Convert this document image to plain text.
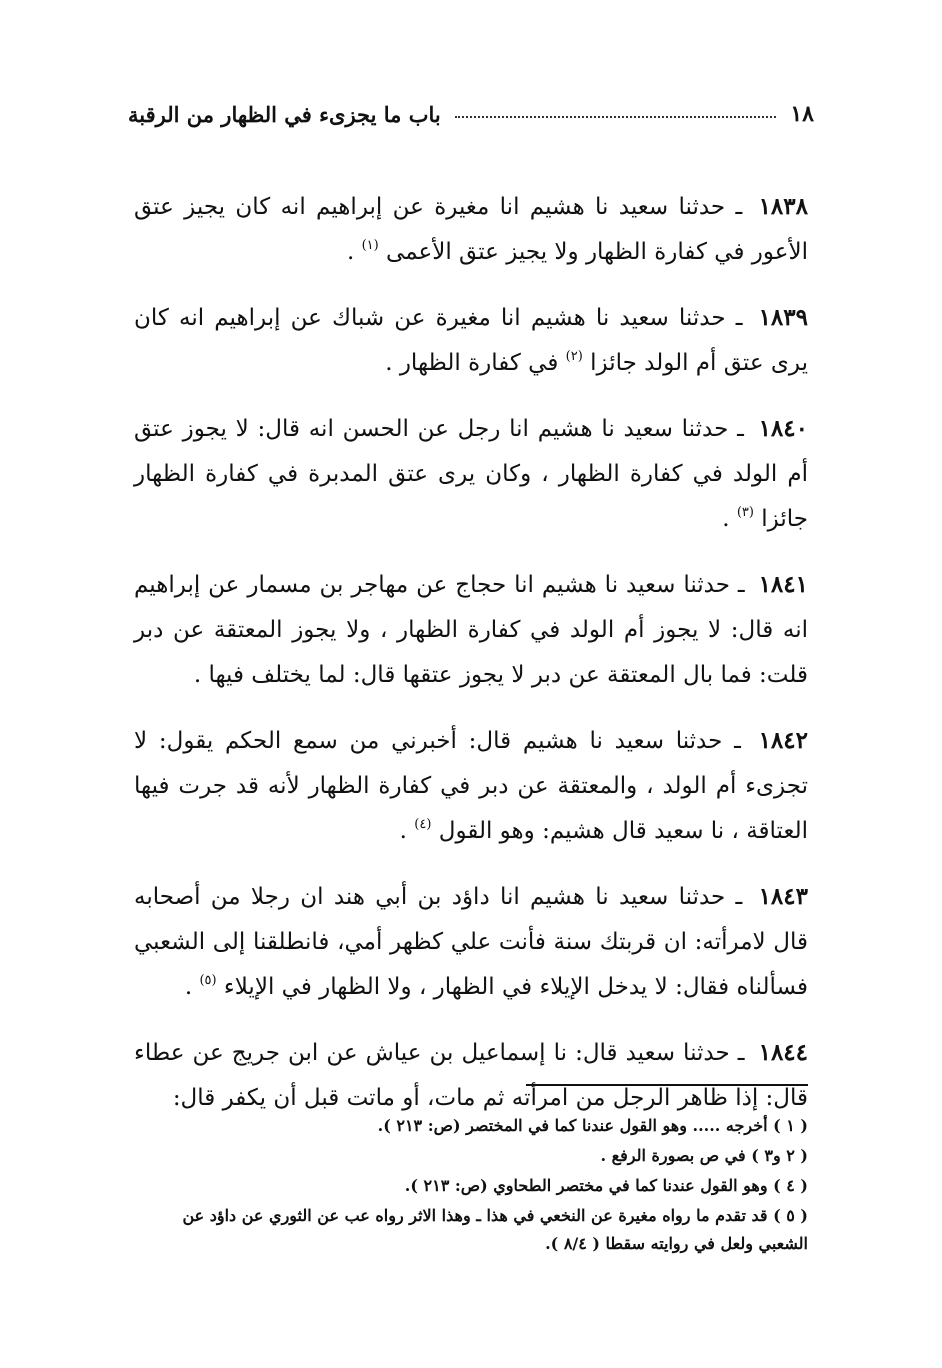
١٨
باب ما يجزىء في الظهار من الرقبة

١٨٣٨ ـ حدثنا سعيد نا هشيم انا مغيرة عن إبراهيم انه كان يجيز عتق الأعور في كفارة الظهار ولا يجيز عتق الأعمى $^{(١)}$ .

١٨٣٩ ـ حدثنا سعيد نا هشيم انا مغيرة عن شباك عن إبراهيم انه كان يرى عتق أم الولد جائزا $^{(٢)}$ في كفارة الظهار .

١٨٤٠ ـ حدثنا سعيد نا هشيم انا رجل عن الحسن انه قال: لا يجوز عتق أم الولد في كفارة الظهار ، وكان يرى عتق المدبرة في كفارة الظهار جائزا $^{(٣)}$ .

١٨٤١ ـ حدثنا سعيد نا هشيم انا حجاج عن مهاجر بن مسمار عن إبراهيم انه قال: لا يجوز أم الولد في كفارة الظهار ، ولا يجوز المعتقة عن دبر قلت: فما بال المعتقة عن دبر لا يجوز عتقها قال: لما يختلف فيها .

١٨٤٢ ـ حدثنا سعيد نا هشيم قال: أخبرني من سمع الحكم يقول: لا تجزىء أم الولد ، والمعتقة عن دبر في كفارة الظهار لأنه قد جرت فيها العتاقة ، نا سعيد قال هشيم: وهو القول $^{(٤)}$ .

١٨٤٣ ـ حدثنا سعيد نا هشيم انا داؤد بن أبي هند ان رجلا من أصحابه قال لامرأته: ان قربتك سنة فأنت علي كظهر أمي، فانطلقنا إلى الشعبي فسألناه فقال: لا يدخل الإيلاء في الظهار ، ولا الظهار في الإيلاء $^{(٥)}$ .

١٨٤٤ ـ حدثنا سعيد قال: نا إسماعيل بن عياش عن ابن جريج عن عطاء قال: إذا ظاهر الرجل من امرأته ثم مات، أو ماتت قبل أن يكفر قال:

( ١ ) أخرجه ..... وهو القول عندنا كما في المختصر (ص: ٢١٣ ).

( ٢ و٣ ) في ص بصورة الرفع .

( ٤ ) وهو القول عندنا كما في مختصر الطحاوي (ص: ٢١٣ ).

( ٥ ) قد تقدم ما رواه مغيرة عن النخعي في هذا ـ وهذا الاثر رواه عب عن الثوري عن داؤد عن الشعبي ولعل في روايته سقطا ( ٨/٤ ).
